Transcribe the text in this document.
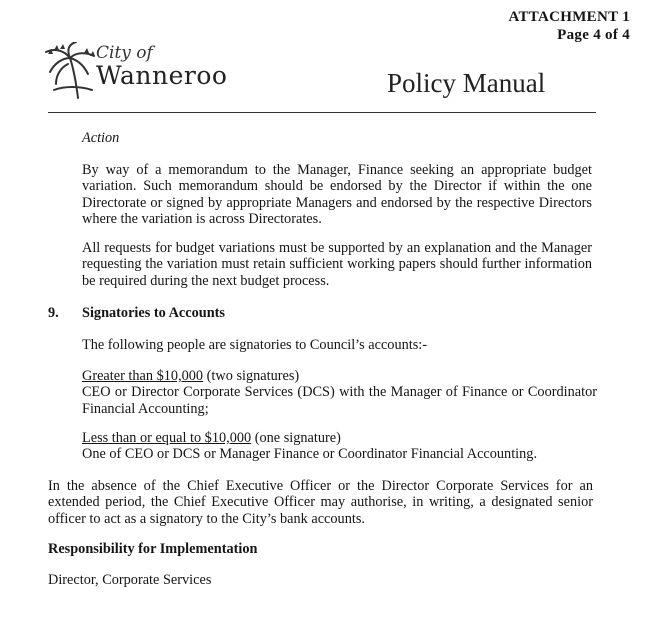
ATTACHMENT 1
Page 4 of 4
City of
Wanneroo	Policy Manual
Action
By way of a memorandum to the Manager, Finance seeking an appropriate budget variation. Such memorandum should be endorsed by the Director if within the one Directorate or signed by appropriate Managers and endorsed by the respective Directors where the variation is across Directorates.
All requests for budget variations must be supported by an explanation and the Manager requesting the variation must retain sufficient working papers should further information be required during the next budget process.
9. Signatories to Accounts
The following people are signatories to Council’s accounts:-
Greater than $10,000 (two signatures)
CEO or Director Corporate Services (DCS) with the Manager of Finance or Coordinator Financial Accounting;
Less than or equal to $10,000 (one signature)
One of CEO or DCS or Manager Finance or Coordinator Financial Accounting.
In the absence of the Chief Executive Officer or the Director Corporate Services for an extended period, the Chief Executive Officer may authorise, in writing, a designated senior officer to act as a signatory to the City’s bank accounts.
Responsibility for Implementation
Director, Corporate Services
